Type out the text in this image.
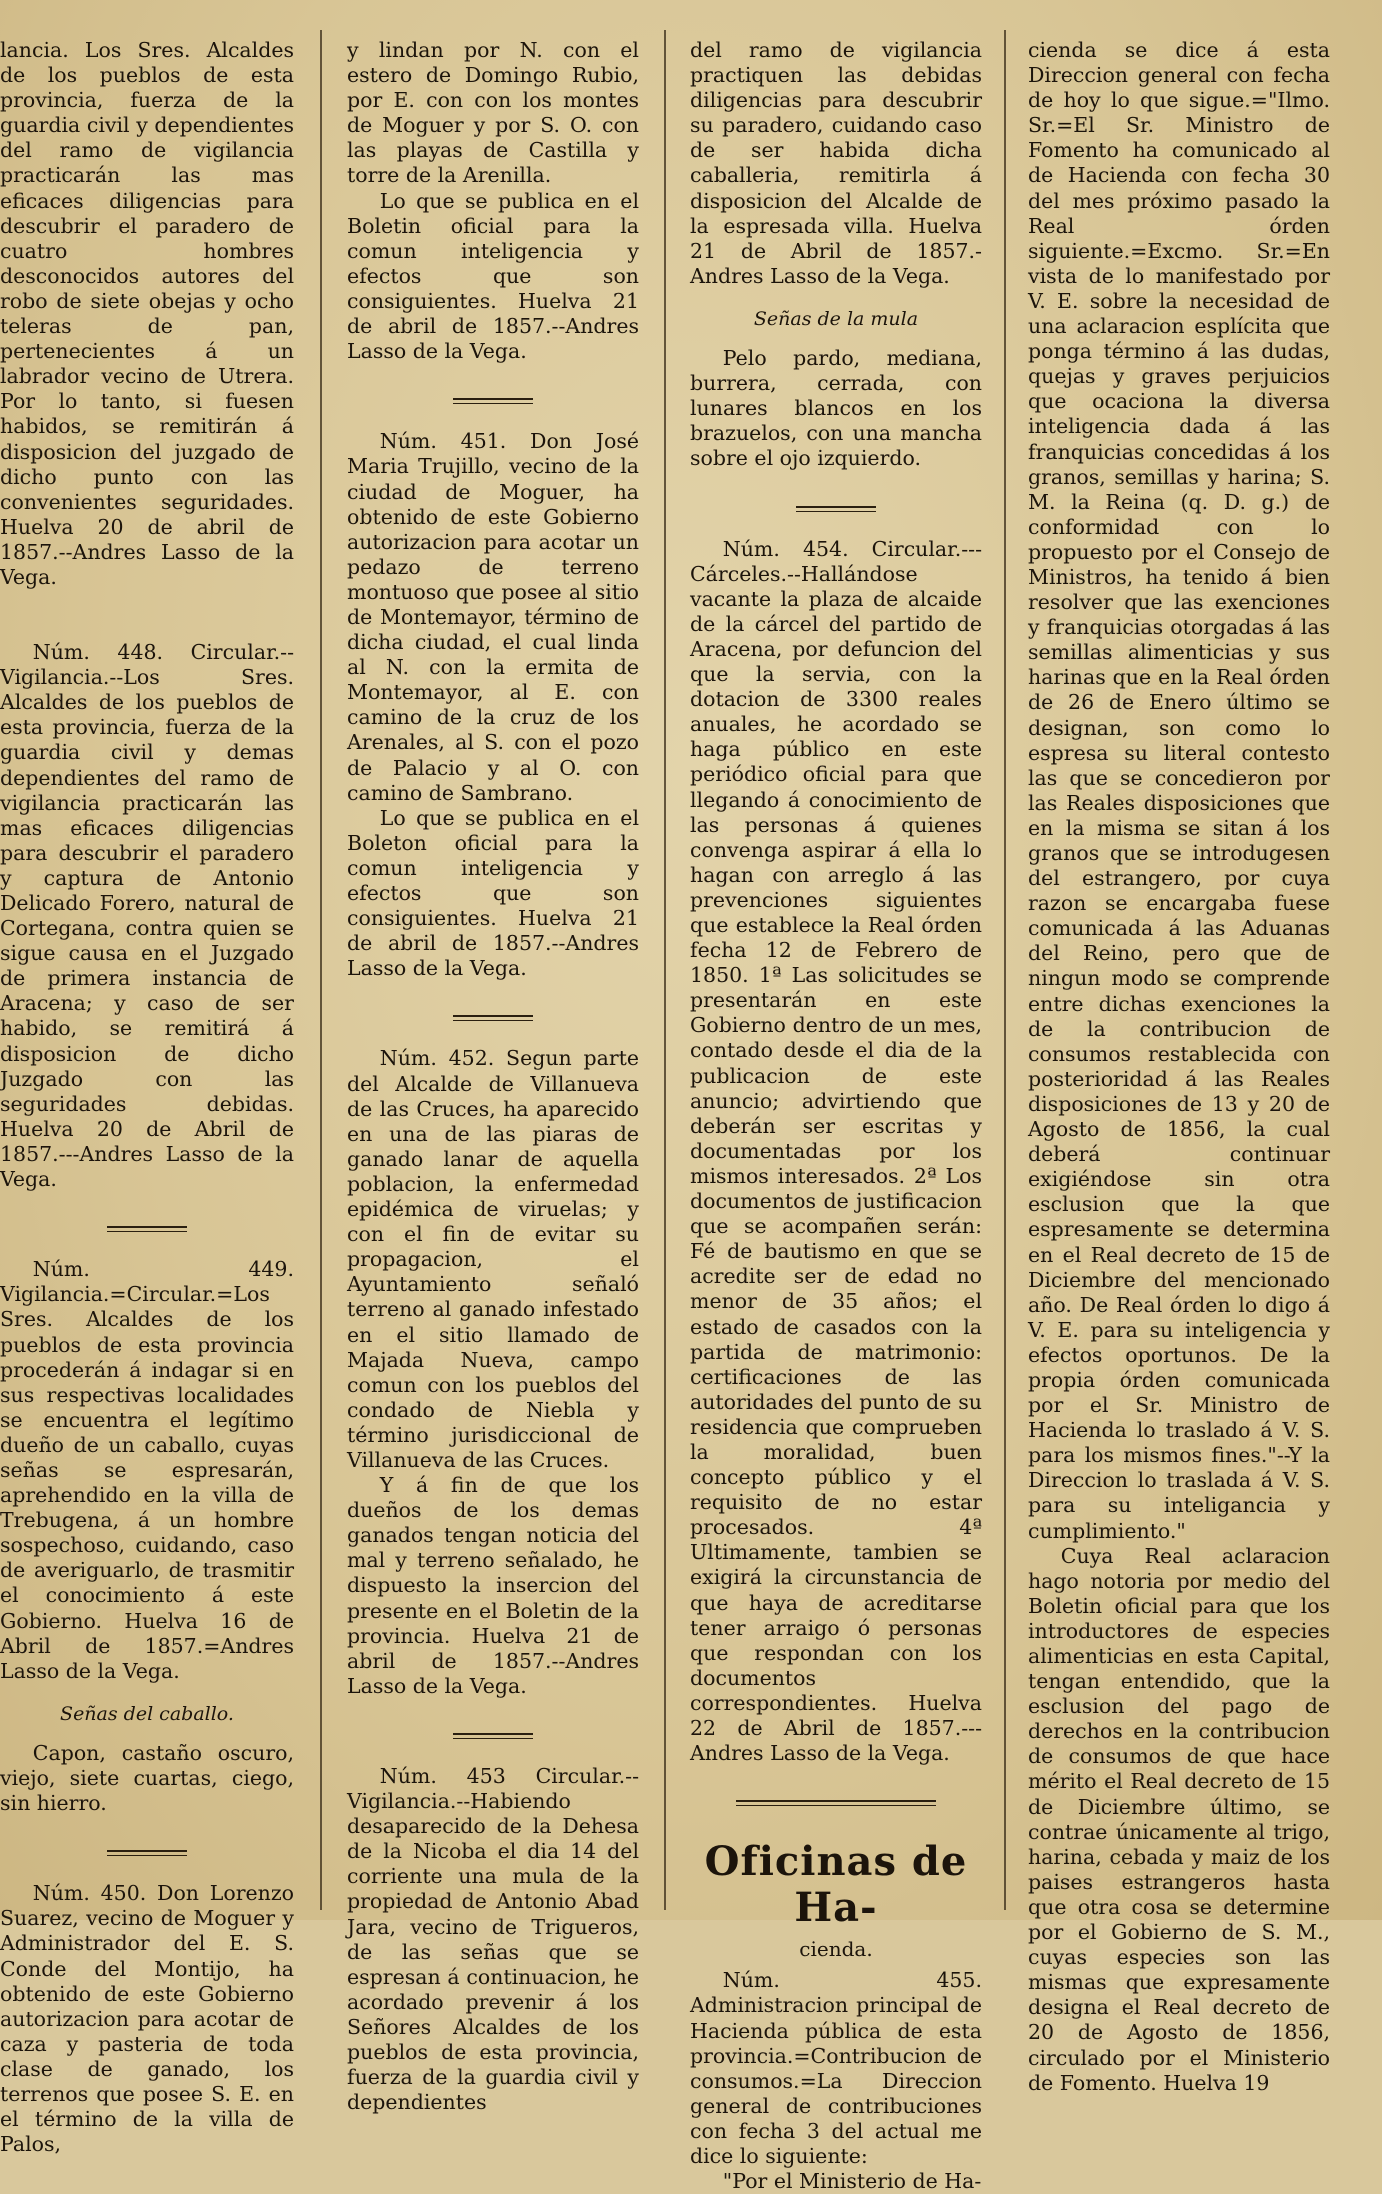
lancia. Los Sres. Alcaldes de los pueblos de esta provincia, fuerza de la guardia civil y dependientes del ramo de vigilancia practicarán las mas eficaces diligencias para descubrir el paradero de cuatro hombres desconocidos autores del robo de siete obejas y ocho teleras de pan, pertenecientes á un labrador vecino de Utrera. Por lo tanto, si fuesen habidos, se remitirán á disposicion del juzgado de dicho punto con las convenientes seguridades. Huelva 20 de abril de 1857.--Andres Lasso de la Vega.

Núm. 448. Circular.--Vigilancia.--Los Sres. Alcaldes de los pueblos de esta provincia, fuerza de la guardia civil y demas dependientes del ramo de vigilancia practicarán las mas eficaces diligencias para descubrir el paradero y captura de Antonio Delicado Forero, natural de Cortegana, contra quien se sigue causa en el Juzgado de primera instancia de Aracena; y caso de ser habido, se remitirá á disposicion de dicho Juzgado con las seguridades debidas. Huelva 20 de Abril de 1857.---Andres Lasso de la Vega.

Núm. 449. Vigilancia.=Circular.=Los Sres. Alcaldes de los pueblos de esta provincia procederán á indagar si en sus respectivas localidades se encuentra el legítimo dueño de un caballo, cuyas señas se espresarán, aprehendido en la villa de Trebugena, á un hombre sospechoso, cuidando, caso de averiguarlo, de trasmitir el conocimiento á este Gobierno. Huelva 16 de Abril de 1857.=Andres Lasso de la Vega.

Señas del caballo.

Capon, castaño oscuro, viejo, siete cuartas, ciego, sin hierro.

Núm. 450. Don Lorenzo Suarez, vecino de Moguer y Administrador del E. S. Conde del Montijo, ha obtenido de este Gobierno autorizacion para acotar de caza y pasteria de toda clase de ganado, los terrenos que posee S. E. en el término de la villa de Palos,

y lindan por N. con el estero de Domingo Rubio, por E. con con los montes de Moguer y por S. O. con las playas de Castilla y torre de la Arenilla.

Lo que se publica en el Boletin oficial para la comun inteligencia y efectos que son consiguientes. Huelva 21 de abril de 1857.--Andres Lasso de la Vega.

Núm. 451. Don José Maria Trujillo, vecino de la ciudad de Moguer, ha obtenido de este Gobierno autorizacion para acotar un pedazo de terreno montuoso que posee al sitio de Montemayor, término de dicha ciudad, el cual linda al N. con la ermita de Montemayor, al E. con camino de la cruz de los Arenales, al S. con el pozo de Palacio y al O. con camino de Sambrano.

Lo que se publica en el Boleton oficial para la comun inteligencia y efectos que son consiguientes. Huelva 21 de abril de 1857.--Andres Lasso de la Vega.

Núm. 452. Segun parte del Alcalde de Villanueva de las Cruces, ha aparecido en una de las piaras de ganado lanar de aquella poblacion, la enfermedad epidémica de viruelas; y con el fin de evitar su propagacion, el Ayuntamiento señaló terreno al ganado infestado en el sitio llamado de Majada Nueva, campo comun con los pueblos del condado de Niebla y término jurisdiccional de Villanueva de las Cruces.

Y á fin de que los dueños de los demas ganados tengan noticia del mal y terreno señalado, he dispuesto la insercion del presente en el Boletin de la provincia. Huelva 21 de abril de 1857.--Andres Lasso de la Vega.

Núm. 453 Circular.--Vigilancia.--Habiendo desaparecido de la Dehesa de la Nicoba el dia 14 del corriente una mula de la propiedad de Antonio Abad Jara, vecino de Trigueros, de las señas que se espresan á continuacion, he acordado prevenir á los Señores Alcaldes de los pueblos de esta provincia, fuerza de la guardia civil y dependientes

del ramo de vigilancia practiquen las debidas diligencias para descubrir su paradero, cuidando caso de ser habida dicha caballeria, remitirla á disposicion del Alcalde de la espresada villa. Huelva 21 de Abril de 1857.- Andres Lasso de la Vega.

Señas de la mula

Pelo pardo, mediana, burrera, cerrada, con lunares blancos en los brazuelos, con una mancha sobre el ojo izquierdo.

Núm. 454. Circular.---Cárceles.--Hallándose vacante la plaza de alcaide de la cárcel del partido de Aracena, por defuncion del que la servia, con la dotacion de 3300 reales anuales, he acordado se haga público en este periódico oficial para que llegando á conocimiento de las personas á quienes convenga aspirar á ella lo hagan con arreglo á las prevenciones siguientes que establece la Real órden fecha 12 de Febrero de 1850. 1ª Las solicitudes se presentarán en este Gobierno dentro de un mes, contado desde el dia de la publicacion de este anuncio; advirtiendo que deberán ser escritas y documentadas por los mismos interesados. 2ª Los documentos de justificacion que se acompañen serán: Fé de bautismo en que se acredite ser de edad no menor de 35 años; el estado de casados con la partida de matrimonio: certificaciones de las autoridades del punto de su residencia que comprueben la moralidad, buen concepto público y el requisito de no estar procesados. 4ª Ultimamente, tambien se exigirá la circunstancia de que haya de acreditarse tener arraigo ó personas que respondan con los documentos correspondientes. Huelva 22 de Abril de 1857.---Andres Lasso de la Vega.

Oficinas de Ha-
cienda.

Núm. 455. Administracion principal de Hacienda pública de esta provincia.=Contribucion de consumos.=La Direccion general de contribuciones con fecha 3 del actual me dice lo siguiente:

"Por el Ministerio de Ha-

cienda se dice á esta Direccion general con fecha de hoy lo que sigue.="Ilmo. Sr.=El Sr. Ministro de Fomento ha comunicado al de Hacienda con fecha 30 del mes próximo pasado la Real órden siguiente.=Excmo. Sr.=En vista de lo manifestado por V. E. sobre la necesidad de una aclaracion esplícita que ponga término á las dudas, quejas y graves perjuicios que ocaciona la diversa inteligencia dada á las franquicias concedidas á los granos, semillas y harina; S. M. la Reina (q. D. g.) de conformidad con lo propuesto por el Consejo de Ministros, ha tenido á bien resolver que las exenciones y franquicias otorgadas á las semillas alimenticias y sus harinas que en la Real órden de 26 de Enero último se designan, son como lo espresa su literal contesto las que se concedieron por las Reales disposiciones que en la misma se sitan á los granos que se introdugesen del estrangero, por cuya razon se encargaba fuese comunicada á las Aduanas del Reino, pero que de ningun modo se comprende entre dichas exenciones la de la contribucion de consumos restablecida con posterioridad á las Reales disposiciones de 13 y 20 de Agosto de 1856, la cual deberá continuar exigiéndose sin otra esclusion que la que espresamente se determina en el Real decreto de 15 de Diciembre del mencionado año. De Real órden lo digo á V. E. para su inteligencia y efectos oportunos. De la propia órden comunicada por el Sr. Ministro de Hacienda lo traslado á V. S. para los mismos fines."--Y la Direccion lo traslada á V. S. para su inteligancia y cumplimiento."

Cuya Real aclaracion hago notoria por medio del Boletin oficial para que los introductores de especies alimenticias en esta Capital, tengan entendido, que la esclusion del pago de derechos en la contribucion de consumos de que hace mérito el Real decreto de 15 de Diciembre último, se contrae únicamente al trigo, harina, cebada y maiz de los paises estrangeros hasta que otra cosa se determine por el Gobierno de S. M., cuyas especies son las mismas que expresamente designa el Real decreto de 20 de Agosto de 1856, circulado por el Ministerio de Fomento. Huelva 19
